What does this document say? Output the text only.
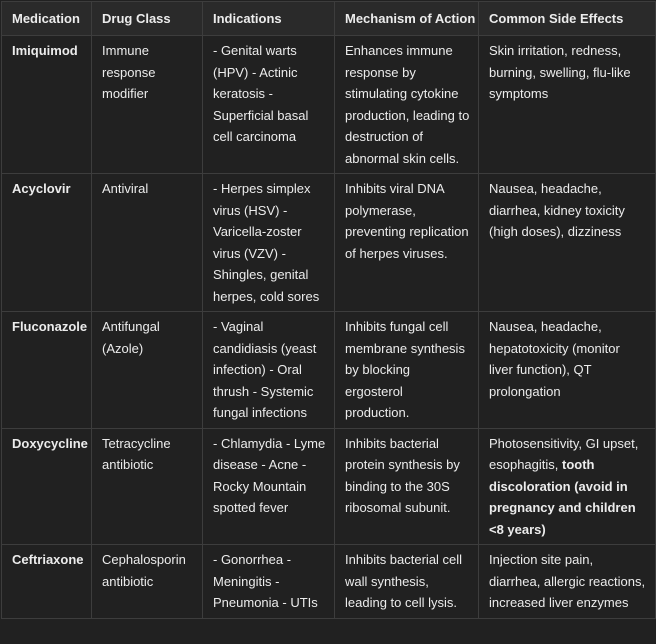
Medication	Drug Class	Indications	Mechanism of Action	Common Side Effects
Imiquimod	Immune response modifier	- Genital warts (HPV) - Actinic keratosis - Superficial basal cell carcinoma	Enhances immune response by stimulating cytokine production, leading to destruction of abnormal skin cells.	Skin irritation, redness, burning, swelling, flu-like symptoms
Acyclovir	Antiviral	- Herpes simplex virus (HSV) - Varicella-zoster virus (VZV) - Shingles, genital herpes, cold sores	Inhibits viral DNA polymerase, preventing replication of herpes viruses.	Nausea, headache, diarrhea, kidney toxicity (high doses), dizziness
Fluconazole	Antifungal (Azole)	- Vaginal candidiasis (yeast infection) - Oral thrush - Systemic fungal infections	Inhibits fungal cell membrane synthesis by blocking ergosterol production.	Nausea, headache, hepatotoxicity (monitor liver function), QT prolongation
Doxycycline	Tetracycline antibiotic	- Chlamydia - Lyme disease - Acne - Rocky Mountain spotted fever	Inhibits bacterial protein synthesis by binding to the 30S ribosomal subunit.	Photosensitivity, GI upset, esophagitis, tooth discoloration (avoid in pregnancy and children <8 years)
Ceftriaxone	Cephalosporin antibiotic	- Gonorrhea - Meningitis - Pneumonia - UTIs	Inhibits bacterial cell wall synthesis, leading to cell lysis.	Injection site pain, diarrhea, allergic reactions, increased liver enzymes
